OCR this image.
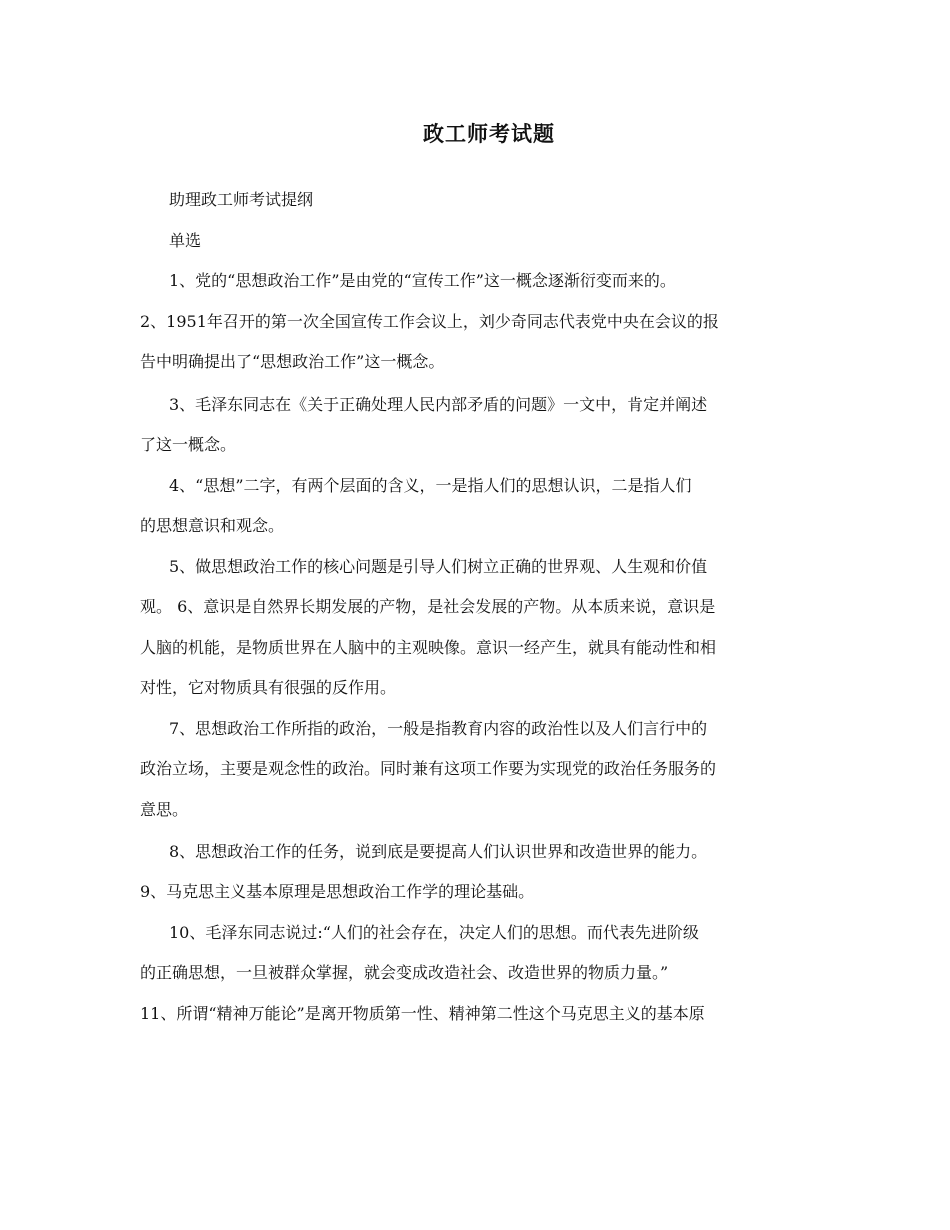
政工师考试题
助理政工师考试提纲
单选
1、党的“思想政治工作”是由党的“宣传工作”这一概念逐渐衍变而来的。
2、1951年召开的第一次全国宣传工作会议上，刘少奇同志代表党中央在会议的报
告中明确提出了“思想政治工作”这一概念。
3、毛泽东同志在《关于正确处理人民内部矛盾的问题》一文中，肯定并阐述
了这一概念。
4、“思想”二字，有两个层面的含义，一是指人们的思想认识，二是指人们
的思想意识和观念。
5、做思想政治工作的核心问题是引导人们树立正确的世界观、人生观和价值
观。 6、意识是自然界长期发展的产物，是社会发展的产物。从本质来说，意识是
人脑的机能，是物质世界在人脑中的主观映像。意识一经产生，就具有能动性和相
对性，它对物质具有很强的反作用。
7、思想政治工作所指的政治，一般是指教育内容的政治性以及人们言行中的
政治立场，主要是观念性的政治。同时兼有这项工作要为实现党的政治任务服务的
意思。
8、思想政治工作的任务，说到底是要提高人们认识世界和改造世界的能力。
9、马克思主义基本原理是思想政治工作学的理论基础。
10、毛泽东同志说过:“人们的社会存在，决定人们的思想。而代表先进阶级
的正确思想，一旦被群众掌握，就会变成改造社会、改造世界的物质力量。”
11、所谓“精神万能论”是离开物质第一性、精神第二性这个马克思主义的基本原
